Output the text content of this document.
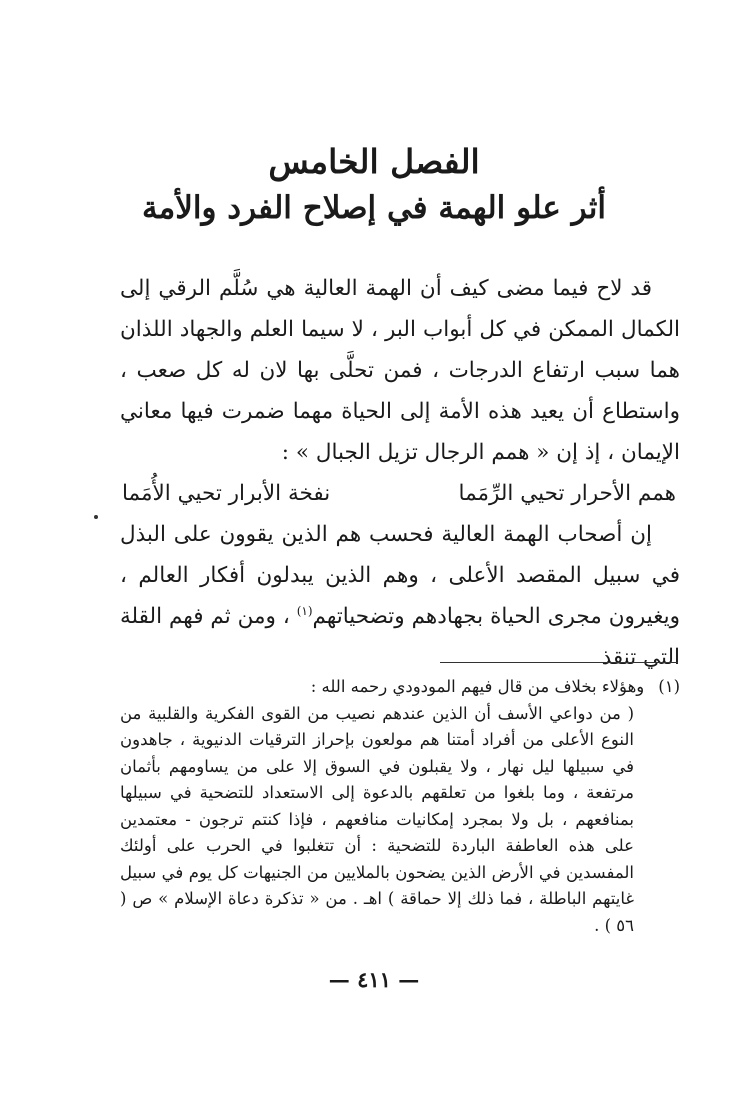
الفصل الخامس
أثر علو الهمة في إصلاح الفرد والأمة

قد لاح فيما مضى كيف أن الهمة العالية هي سُلَّم الرقي إلى الكمال الممكن في كل أبواب البر ، لا سيما العلم والجهاد اللذان هما سبب ارتفاع الدرجات ، فمن تحلَّى بها لان له كل صعب ، واستطاع أن يعيد هذه الأمة إلى الحياة مهما ضمرت فيها معاني الإيمان ، إذ إن « همم الرجال تزيل الجبال » :

همم الأحرار تحيي الرِّمَما
نفخة الأبرار تحيي الأُمَما

إن أصحاب الهمة العالية فحسب هم الذين يقوون على البذل في سبيل المقصد الأعلى ، وهم الذين يبدلون أفكار العالم ، ويغيرون مجرى الحياة بجهادهم وتضحياتهم$^{(١)}$ ، ومن ثم فهم القلة التي تنقذ

(١)
وهؤلاء بخلاف من قال فيهم المودودي رحمه الله :

( من دواعي الأسف أن الذين عندهم نصيب من القوى الفكرية والقلبية من النوع الأعلى من أفراد أمتنا هم مولعون بإحراز الترقيات الدنيوية ، جاهدون في سبيلها ليل نهار ، ولا يقبلون في السوق إلا على من يساومهم بأثمان مرتفعة ، وما بلغوا من تعلقهم بالدعوة إلى الاستعداد للتضحية في سبيلها بمنافعهم ، بل ولا بمجرد إمكانيات منافعهم ، فإذا كنتم ترجون - معتمدين على هذه العاطفة الباردة للتضحية : أن تتغلبوا في الحرب على أولئك المفسدين في الأرض الذين يضحون بالملايين من الجنيهات كل يوم في سبيل غايتهم الباطلة ، فما ذلك إلا حماقة ) اهـ . من « تذكرة دعاة الإسلام » ص ( ٥٦ ) .

— ٤١١ —
